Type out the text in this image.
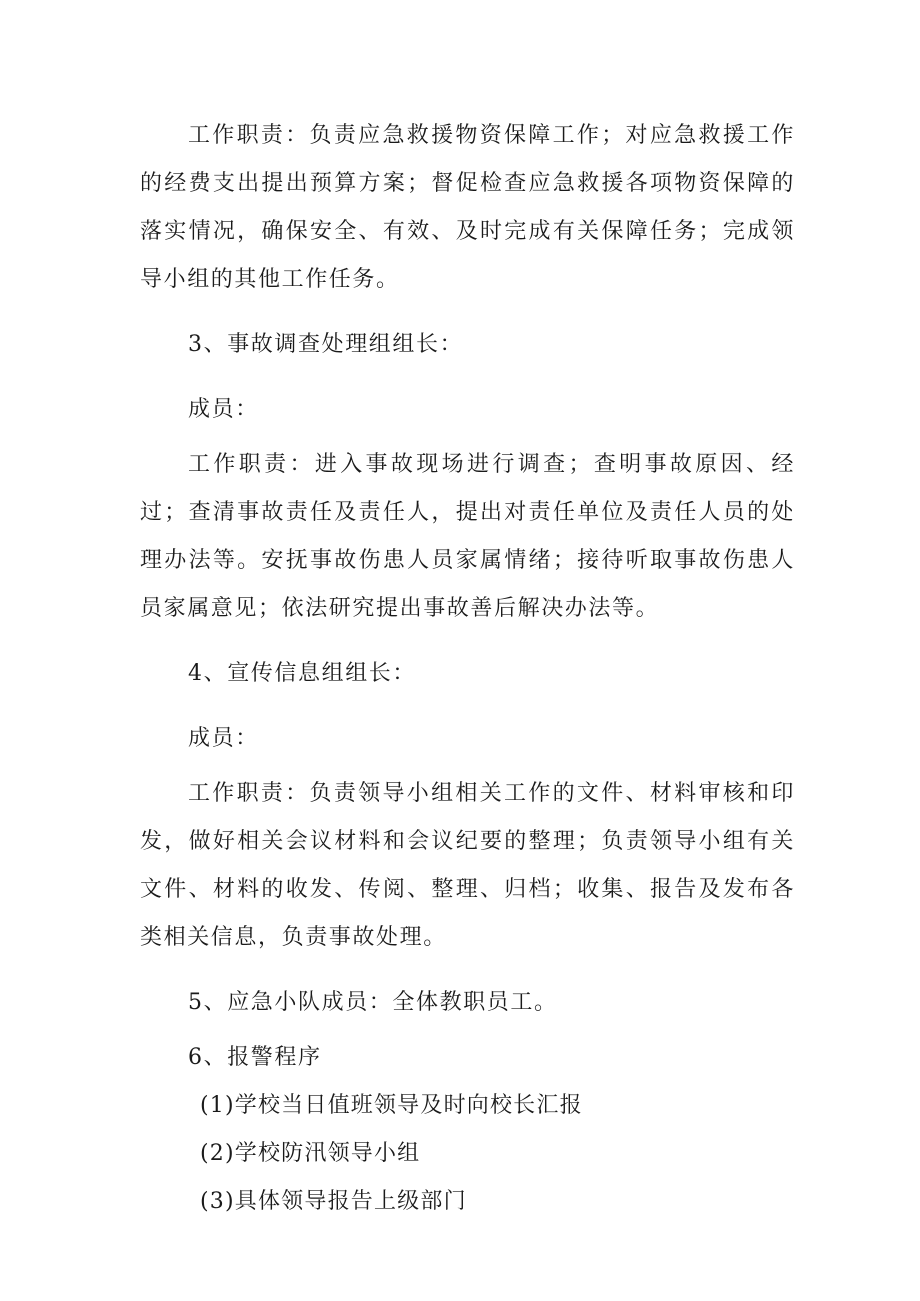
工作职责：负责应急救援物资保障工作；对应急救援工作的经费支出提出预算方案；督促检查应急救援各项物资保障的落实情况，确保安全、有效、及时完成有关保障任务；完成领导小组的其他工作任务。

3、事故调查处理组组长：

成员：

工作职责：进入事故现场进行调查；查明事故原因、经过；查清事故责任及责任人，提出对责任单位及责任人员的处理办法等。安抚事故伤患人员家属情绪；接待听取事故伤患人员家属意见；依法研究提出事故善后解决办法等。

4、宣传信息组组长：

成员：

工作职责：负责领导小组相关工作的文件、材料审核和印发，做好相关会议材料和会议纪要的整理；负责领导小组有关文件、材料的收发、传阅、整理、归档；收集、报告及发布各类相关信息，负责事故处理。

5、应急小队成员：全体教职员工。

6、报警程序

(1)学校当日值班领导及时向校长汇报

(2)学校防汛领导小组

(3)具体领导报告上级部门
